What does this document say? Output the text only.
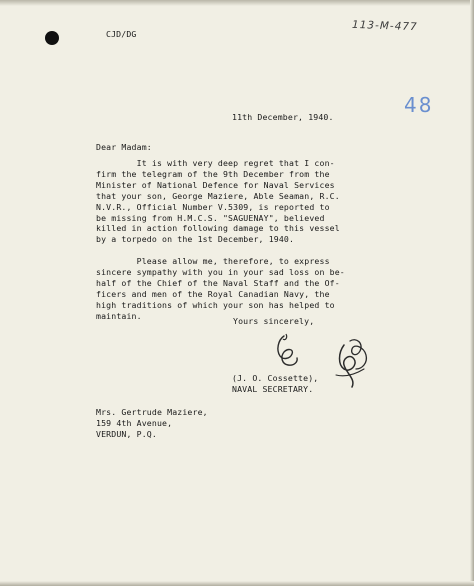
CJD/DG
113-M-477
11th December, 1940.	48
Dear Madam:
It is with very deep regret that I con-
firm the telegram of the 9th December from the
Minister of National Defence for Naval Services
that your son, George Maziere, Able Seaman, R.C.
N.V.R., Official Number V.5309, is reported to
be missing from H.M.C.S. "SAGUENAY", believed
killed in action following damage to this vessel
by a torpedo on the 1st December, 1940.

Please allow me, therefore, to express
sincere sympathy with you in your sad loss on be-
half of the Chief of the Naval Staff and the Of-
ficers and men of the Royal Canadian Navy, the
high traditions of which your son has helped to
maintain.
Yours sincerely,
(J. O. Cossette),
NAVAL SECRETARY.
Mrs. Gertrude Maziere,
159 4th Avenue,
VERDUN, P.Q.
